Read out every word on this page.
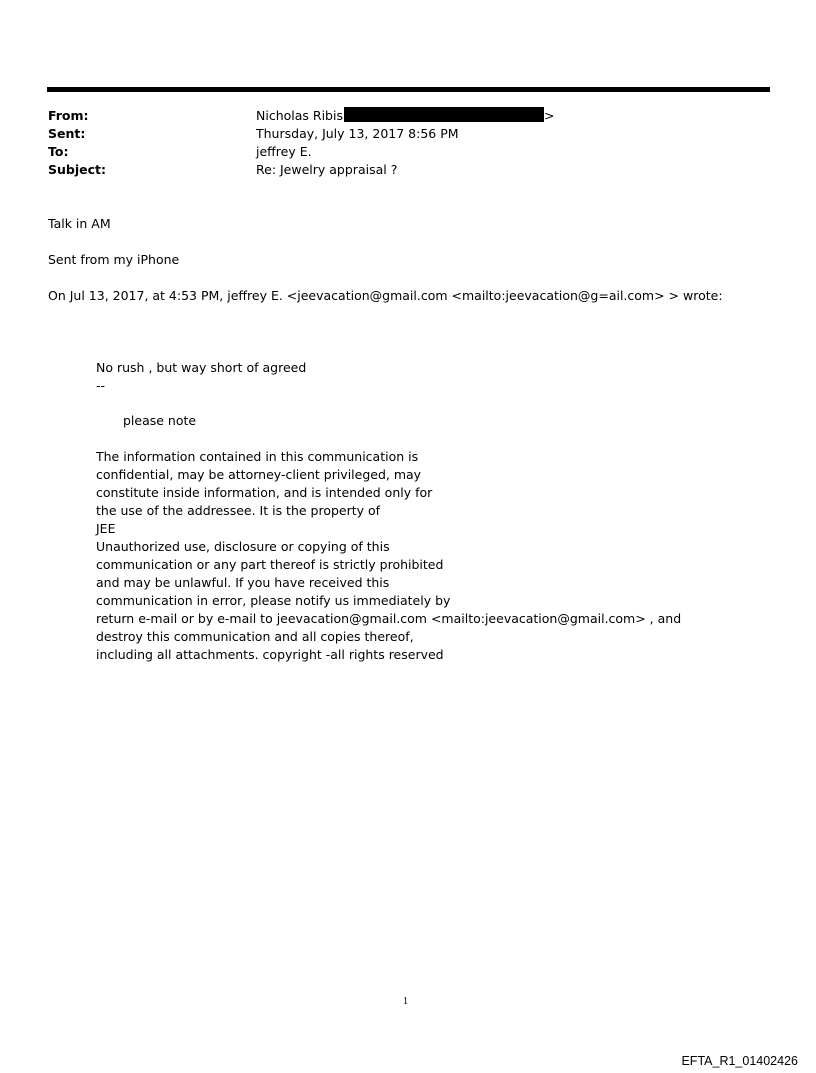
From:	Nicholas Ribis	>
Sent:	Thursday, July 13, 2017 8:56 PM
To:	jeffrey E.
Subject:	Re: Jewelry appraisal ?
Talk in AM
Sent from my iPhone
On Jul 13, 2017, at 4:53 PM, jeffrey E. <jeevacation@gmail.com <mailto:jeevacation@g=ail.com> > wrote:
No rush , but way short of agreed
--
please note
The information contained in this communication is
confidential, may be attorney-client privileged, may
constitute inside information, and is intended only for
the use of the addressee. It is the property of
JEE
Unauthorized use, disclosure or copying of this
communication or any part thereof is strictly prohibited
and may be unlawful. If you have received this
communication in error, please notify us immediately by
return e-mail or by e-mail to jeevacation@gmail.com <mailto:jeevacation@gmail.com> , and
destroy this communication and all copies thereof,
including all attachments. copyright -all rights reserved
1
EFTA_R1_01402426
